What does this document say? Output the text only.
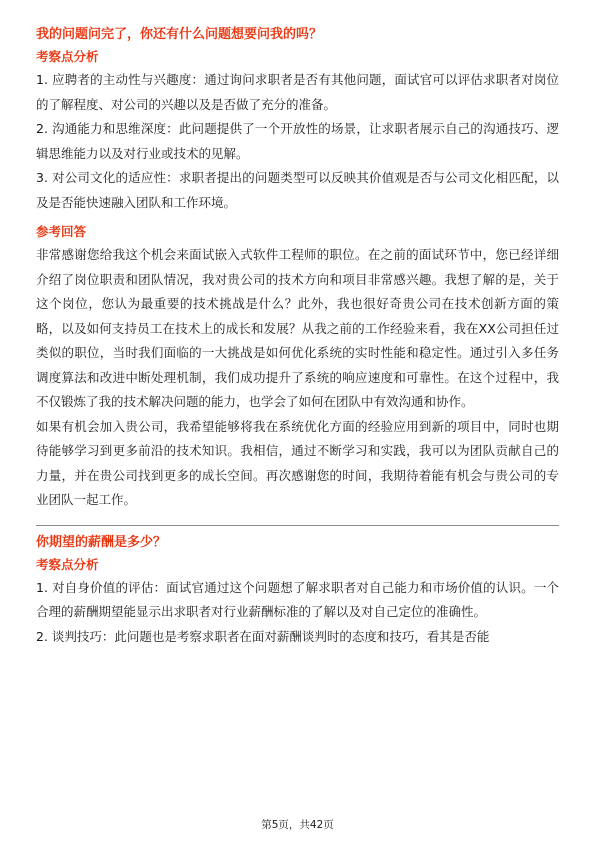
我的问题问完了，你还有什么问题想要问我的吗？
考察点分析

1. 应聘者的主动性与兴趣度：通过询问求职者是否有其他问题，面试官可以评估求职者对岗位的了解程度、对公司的兴趣以及是否做了充分的准备。

2. 沟通能力和思维深度：此问题提供了一个开放性的场景，让求职者展示自己的沟通技巧、逻辑思维能力以及对行业或技术的见解。

3. 对公司文化的适应性：求职者提出的问题类型可以反映其价值观是否与公司文化相匹配，以及是否能快速融入团队和工作环境。

参考回答

非常感谢您给我这个机会来面试嵌入式软件工程师的职位。在之前的面试环节中，您已经详细介绍了岗位职责和团队情况，我对贵公司的技术方向和项目非常感兴趣。我想了解的是，关于这个岗位，您认为最重要的技术挑战是什么？此外，我也很好奇贵公司在技术创新方面的策略，以及如何支持员工在技术上的成长和发展？从我之前的工作经验来看，我在XX公司担任过类似的职位，当时我们面临的一大挑战是如何优化系统的实时性能和稳定性。通过引入多任务调度算法和改进中断处理机制，我们成功提升了系统的响应速度和可靠性。在这个过程中，我不仅锻炼了我的技术解决问题的能力，也学会了如何在团队中有效沟通和协作。

如果有机会加入贵公司，我希望能够将我在系统优化方面的经验应用到新的项目中，同时也期待能够学习到更多前沿的技术知识。我相信，通过不断学习和实践，我可以为团队贡献自己的力量，并在贵公司找到更多的成长空间。再次感谢您的时间，我期待着能有机会与贵公司的专业团队一起工作。

你期望的薪酬是多少？
考察点分析

1. 对自身价值的评估：面试官通过这个问题想了解求职者对自己能力和市场价值的认识。一个合理的薪酬期望能显示出求职者对行业薪酬标准的了解以及对自己定位的准确性。

2. 谈判技巧：此问题也是考察求职者在面对薪酬谈判时的态度和技巧，看其是否能

第5页，共42页
